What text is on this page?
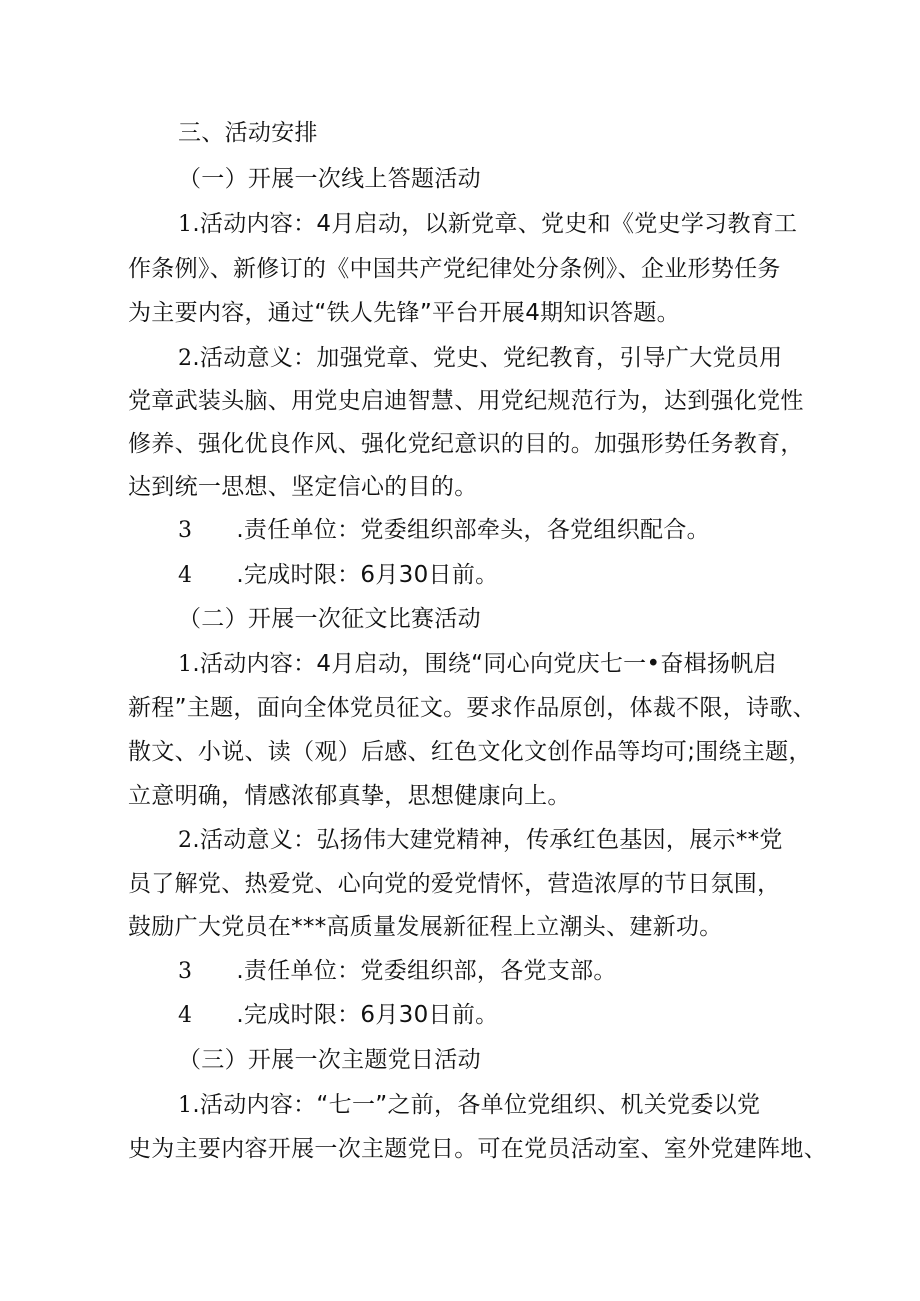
三、活动安排
（一）开展一次线上答题活动
1.活动内容：4月启动，以新党章、党史和《党史学习教育工
作条例》、新修订的《中国共产党纪律处分条例》、企业形势任务
为主要内容，通过“铁人先锋”平台开展4期知识答题。
2.活动意义：加强党章、党史、党纪教育，引导广大党员用
党章武装头脑、用党史启迪智慧、用党纪规范行为，达到强化党性
修养、强化优良作风、强化党纪意识的目的。加强形势任务教育，
达到统一思想、坚定信心的目的。
3 .责任单位：党委组织部牵头，各党组织配合。
4 .完成时限：6月30日前。
（二）开展一次征文比赛活动
1.活动内容：4月启动，围绕“同心向党庆七一•奋楫扬帆启
新程”主题，面向全体党员征文。要求作品原创，体裁不限，诗歌、
散文、小说、读（观）后感、红色文化文创作品等均可;围绕主题，
立意明确，情感浓郁真挚，思想健康向上。
2.活动意义：弘扬伟大建党精神，传承红色基因，展示**党
员了解党、热爱党、心向党的爱党情怀，营造浓厚的节日氛围，
鼓励广大党员在***高质量发展新征程上立潮头、建新功。
3 .责任单位：党委组织部，各党支部。
4 .完成时限：6月30日前。
（三）开展一次主题党日活动
1.活动内容：“七一”之前，各单位党组织、机关党委以党
史为主要内容开展一次主题党日。可在党员活动室、室外党建阵地、
